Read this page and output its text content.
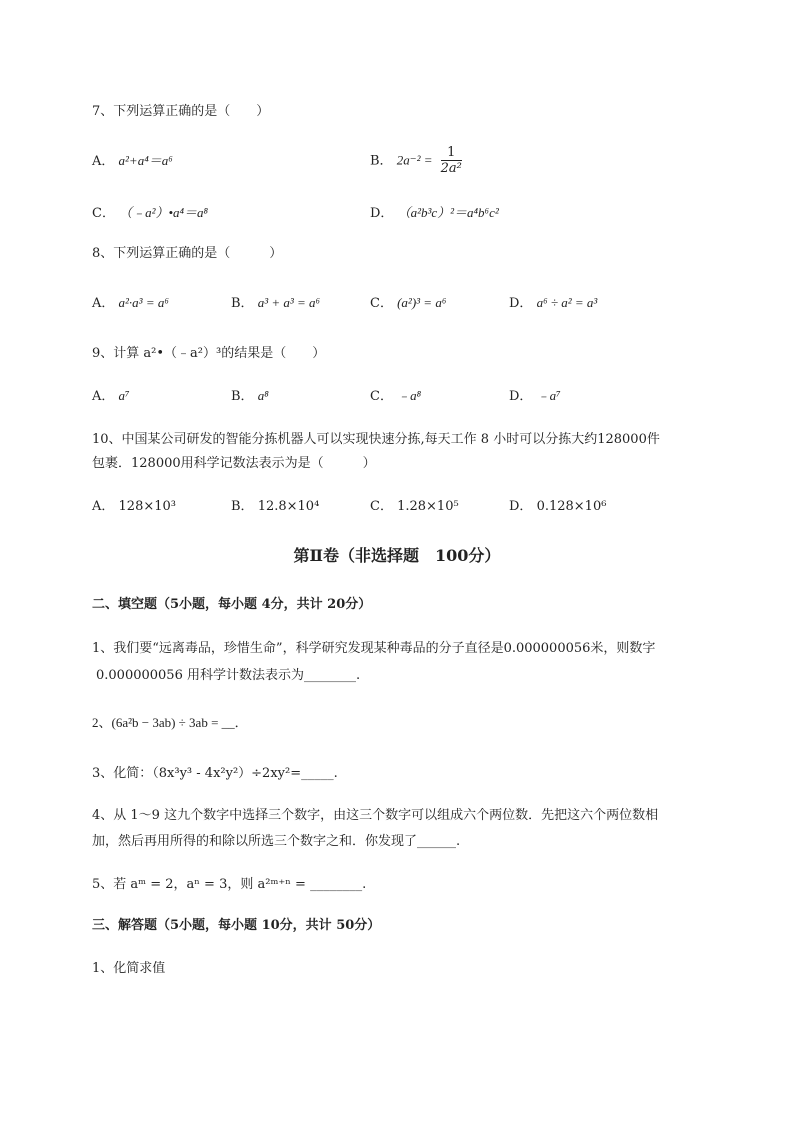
7、下列运算正确的是（　　）
A． a²+a⁴＝a⁶	B． $2a^{-2} = \frac{1}{\text{2a²}}$
C． （﹣a²）•a⁴＝a⁸	D． （a²b³c）²＝a⁴b⁶c²
8、下列运算正确的是（　　　）
A． a²·a³ = a⁶	B． a³ + a³ = a⁶	C． (a²)³ = a⁶	D． a⁶ ÷ a² = a³
9、计算 a²•（﹣a²）³的结果是（　　）
A． a⁷	B． a⁸	C． ﹣a⁸	D． ﹣a⁷
10、中国某公司研发的智能分拣机器人可以实现快速分拣,每天工作 8 小时可以分拣大约128000件
包裹．128000用科学记数法表示为是（　　　）
A． 128×10³	B． 12.8×10⁴	C． 1.28×10⁵	D． 0.128×10⁶
第Ⅱ卷（非选择题　100分）
二、填空题（5小题，每小题 4分，共计 20分）
1、我们要“远离毒品，珍惜生命”，科学研究发现某种毒品的分子直径是0.000000056米，则数字
0.000000056 用科学计数法表示为________.
2、(6a²b − 3ab) ÷ 3ab = __．
3、化简：（8x³y³ - 4x²y²）÷2xy²=_____.
4、从 1～9 这九个数字中选择三个数字，由这三个数字可以组成六个两位数．先把这六个两位数相
加，然后再用所得的和除以所选三个数字之和．你发现了______.
5、若 aᵐ = 2，aⁿ = 3，则 a²ᵐ⁺ⁿ = ________.
三、解答题（5小题，每小题 10分，共计 50分）
1、化简求值
